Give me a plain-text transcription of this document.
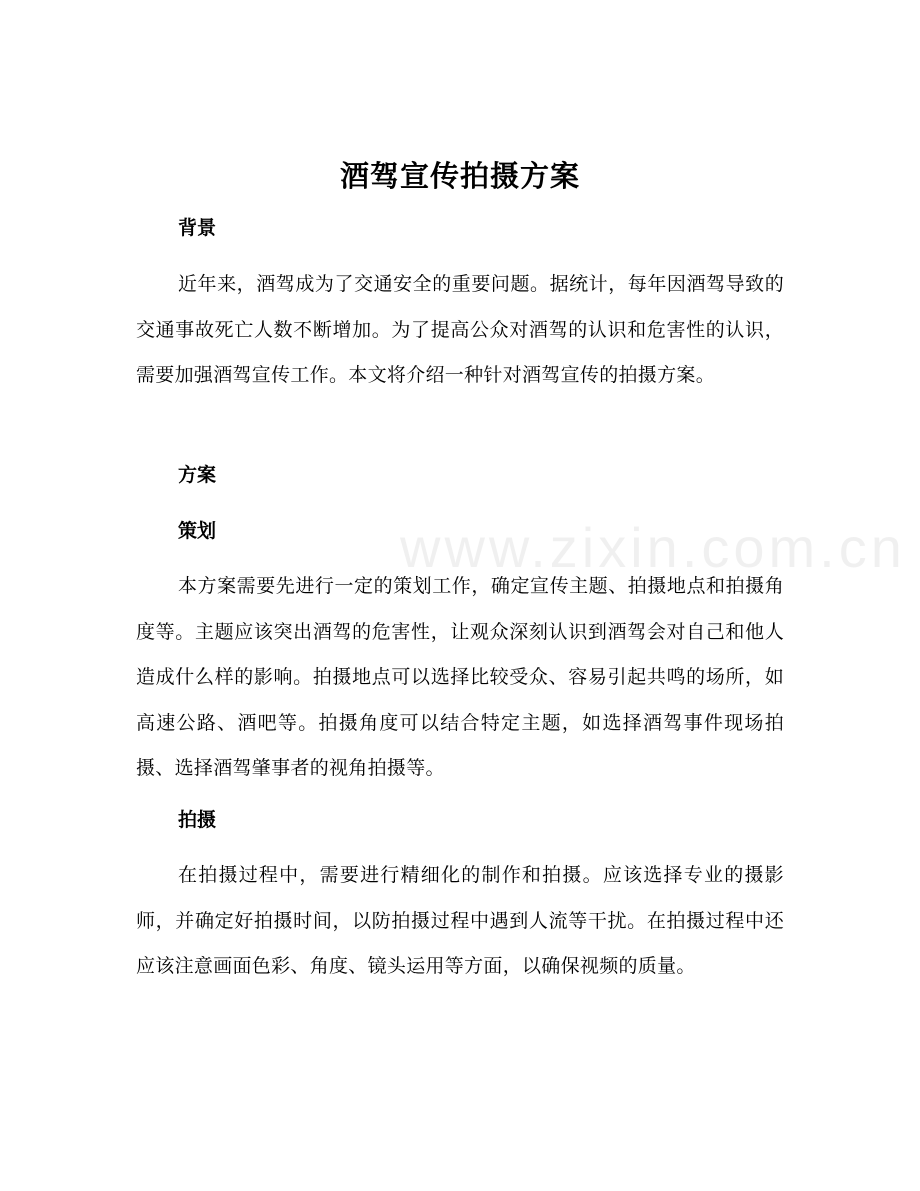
www.zixin.com.cn
酒驾宣传拍摄方案
背景

近年来，酒驾成为了交通安全的重要问题。据统计，每年因酒驾导致的交通事故死亡人数不断增加。为了提高公众对酒驾的认识和危害性的认识，需要加强酒驾宣传工作。本文将介绍一种针对酒驾宣传的拍摄方案。

方案
策划

本方案需要先进行一定的策划工作，确定宣传主题、拍摄地点和拍摄角度等。主题应该突出酒驾的危害性，让观众深刻认识到酒驾会对自己和他人造成什么样的影响。拍摄地点可以选择比较受众、容易引起共鸣的场所，如高速公路、酒吧等。拍摄角度可以结合特定主题，如选择酒驾事件现场拍摄、选择酒驾肇事者的视角拍摄等。

拍摄

在拍摄过程中，需要进行精细化的制作和拍摄。应该选择专业的摄影师，并确定好拍摄时间，以防拍摄过程中遇到人流等干扰。在拍摄过程中还应该注意画面色彩、角度、镜头运用等方面，以确保视频的质量。
